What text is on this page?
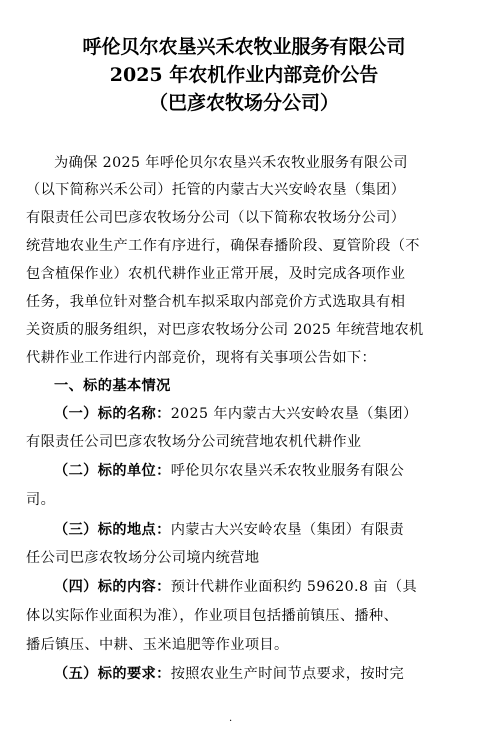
呼伦贝尔农垦兴禾农牧业服务有限公司
2025 年农机作业内部竞价公告
（巴彦农牧场分公司）
为确保 2025 年呼伦贝尔农垦兴禾农牧业服务有限公司
（以下简称兴禾公司）托管的内蒙古大兴安岭农垦（集团）
有限责任公司巴彦农牧场分公司（以下简称农牧场分公司）
统营地农业生产工作有序进行，确保春播阶段、夏管阶段（不
包含植保作业）农机代耕作业正常开展，及时完成各项作业
任务，我单位针对整合机车拟采取内部竞价方式选取具有相
关资质的服务组织，对巴彦农牧场分公司 2025 年统营地农机
代耕作业工作进行内部竞价，现将有关事项公告如下：
一、标的基本情况
（一）标的名称：2025 年内蒙古大兴安岭农垦（集团）
有限责任公司巴彦农牧场分公司统营地农机代耕作业
（二）标的单位：呼伦贝尔农垦兴禾农牧业服务有限公
司。
（三）标的地点：内蒙古大兴安岭农垦（集团）有限责
任公司巴彦农牧场分公司境内统营地
（四）标的内容：预计代耕作业面积约 59620.8 亩（具
体以实际作业面积为准），作业项目包括播前镇压、播种、
播后镇压、中耕、玉米追肥等作业项目。
（五）标的要求：按照农业生产时间节点要求，按时完
.
